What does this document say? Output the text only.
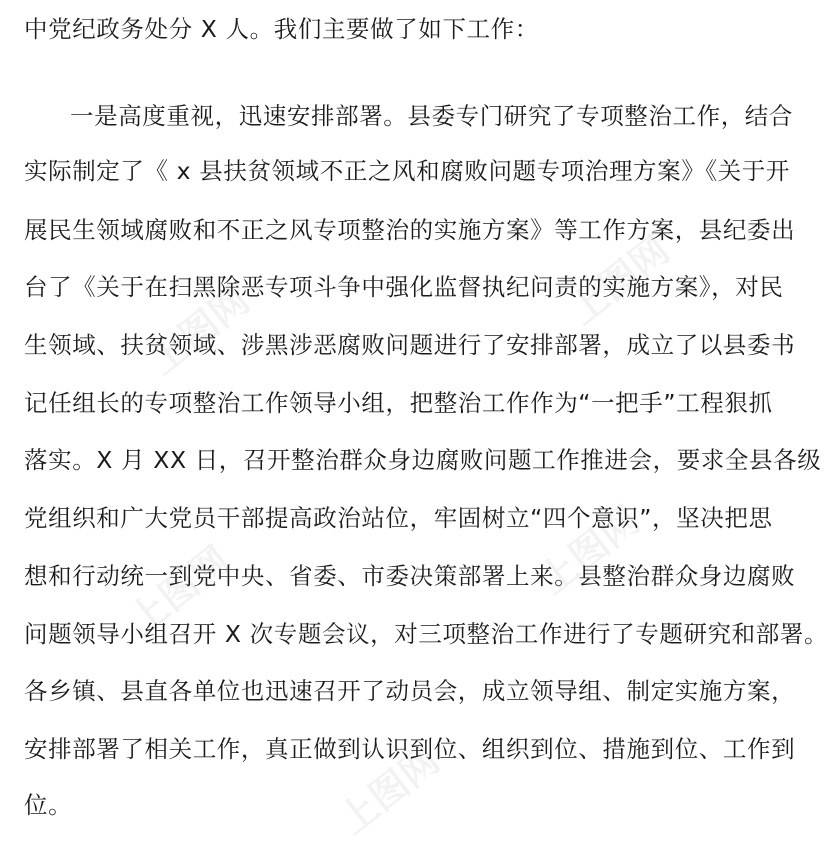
上图网	上图网
上图网	上图网
上图网
中党纪政务处分 X 人。我们主要做了如下工作：
一是高度重视，迅速安排部署。县委专门研究了专项整治工作，结合
实际制定了《 x 县扶贫领域不正之风和腐败问题专项治理方案》《关于开
展民生领域腐败和不正之风专项整治的实施方案》等工作方案，县纪委出
台了《关于在扫黑除恶专项斗争中强化监督执纪问责的实施方案》，对民
生领域、扶贫领域、涉黑涉恶腐败问题进行了安排部署，成立了以县委书
记任组长的专项整治工作领导小组，把整治工作作为“一把手”工程狠抓
落实。X 月 XX 日，召开整治群众身边腐败问题工作推进会，要求全县各级
党组织和广大党员干部提高政治站位，牢固树立“四个意识”，坚决把思
想和行动统一到党中央、省委、市委决策部署上来。县整治群众身边腐败
问题领导小组召开 X 次专题会议，对三项整治工作进行了专题研究和部署。
各乡镇、县直各单位也迅速召开了动员会，成立领导组、制定实施方案，
安排部署了相关工作，真正做到认识到位、组织到位、措施到位、工作到
位。
